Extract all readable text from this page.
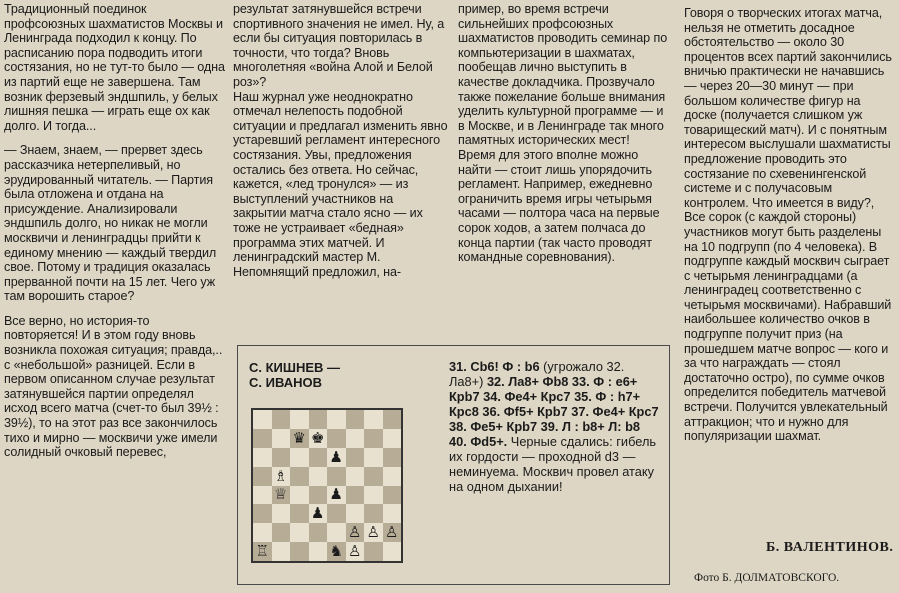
Традиционный поединок профсоюзных шахматистов Москвы и Ленинграда подходил к концу. По расписанию пора подводить итоги состязания, но не тут-то было — одна из партий еще не завершена. Там возник ферзевый эндшпиль, у белых лишняя пешка — играть еще ох как долго. И тогда...

— Знаем, знаем, — прервет здесь рассказчика нетерпеливый, но эрудированный читатель. — Партия была отложена и отдана на присуждение. Анализировали эндшпиль долго, но никак не могли москвичи и ленинградцы прийти к единому мнению — каждый твердил свое. Потому и традиция оказалась прерванной почти на 15 лет. Чего уж там ворошить старое?

Все верно, но история-то повторяется! И в этом году вновь возникла похожая ситуация; правда,.. с «небольшой» разницей. Если в первом описанном случае результат затянувшейся партии определял исход всего матча (счет-то был 39½ : 39½), то на этот раз все закончилось тихо и мирно — москвичи уже имели солидный очковый перевес,

результат затянувшейся встречи спортивного значения не имел. Ну, а если бы ситуация повторилась в точности, что тогда? Вновь многолетняя «война Алой и Белой роз»?

Наш журнал уже неоднократно отмечал нелепость подобной ситуации и предлагал изменить явно устаревший регламент интересного состязания. Увы, предложения остались без ответа. Но сейчас, кажется, «лед тронулся» — из выступлений участников на закрытии матча стало ясно — их тоже не устраивает «бедная» программа этих матчей. И ленинградский мастер М. Непомнящий предложил, на-

пример, во время встречи сильнейших профсоюзных шахматистов проводить семинар по компьютеризации в шахматах, пообещав лично выступить в качестве докладчика. Прозвучало также пожелание больше внимания уделить культурной программе — и в Москве, и в Ленинграде так много памятных исторических мест! Время для этого вполне можно найти — стоит лишь упорядочить регламент. Например, ежедневно ограничить время игры четырьмя часами — полтора часа на первые сорок ходов, а затем полчаса до конца партии (так часто проводят командные соревнования).

Говоря о творческих итогах матча, нельзя не отметить досадное обстоятельство — около 30 процентов всех партий закончились вничью практически не начавшись — через 20—30 минут — при большом количестве фигур на доске (получается слишком уж товарищеский матч). И с понятным интересом выслушали шахматисты предложение проводить это состязание по схевенингенской системе и с получасовым контролем. Что имеется в виду?, Все сорок (с каждой стороны) участников могут быть разделены на 10 подгрупп (по 4 человека). В подгруппе каждый москвич сыграет с четырьмя ленинградцами (а ленинградец соответственно с четырьмя москвичами). Набравший наибольшее количество очков в подгруппе получит приз (на прошедшем матче вопрос — кого и за что награждать — стоял достаточно остро), по сумме очков определится победитель матчевой встречи. Получится увлекательный аттракцион; что и нужно для популяризации шахмат.

С. КИШНЕВ —
С. ИВАНОВ
♛ ♚
♟
♗
♕	♟
♟
♙ ♙ ♙
♖	♞ ♙
31. Cb6! Ф : b6 (угрожало 32. Лa8+) 32. Лa8+ Фb8 33. Ф : e6+ Крb7 34. Фe4+ Крc7 35. Ф : h7+ Крc8 36. Фf5+ Крb7 37. Фe4+ Крc7 38. Фe5+ Крb7 39. Л : b8+ Л: b8 40. Фd5+. Черные сдались: гибель их гордости — проходной d3 — неминуема. Москвич провел атаку на одном дыхании!
Б. ВАЛЕНТИНОВ.
Фото Б. ДОЛМАТОВСКОГО.
